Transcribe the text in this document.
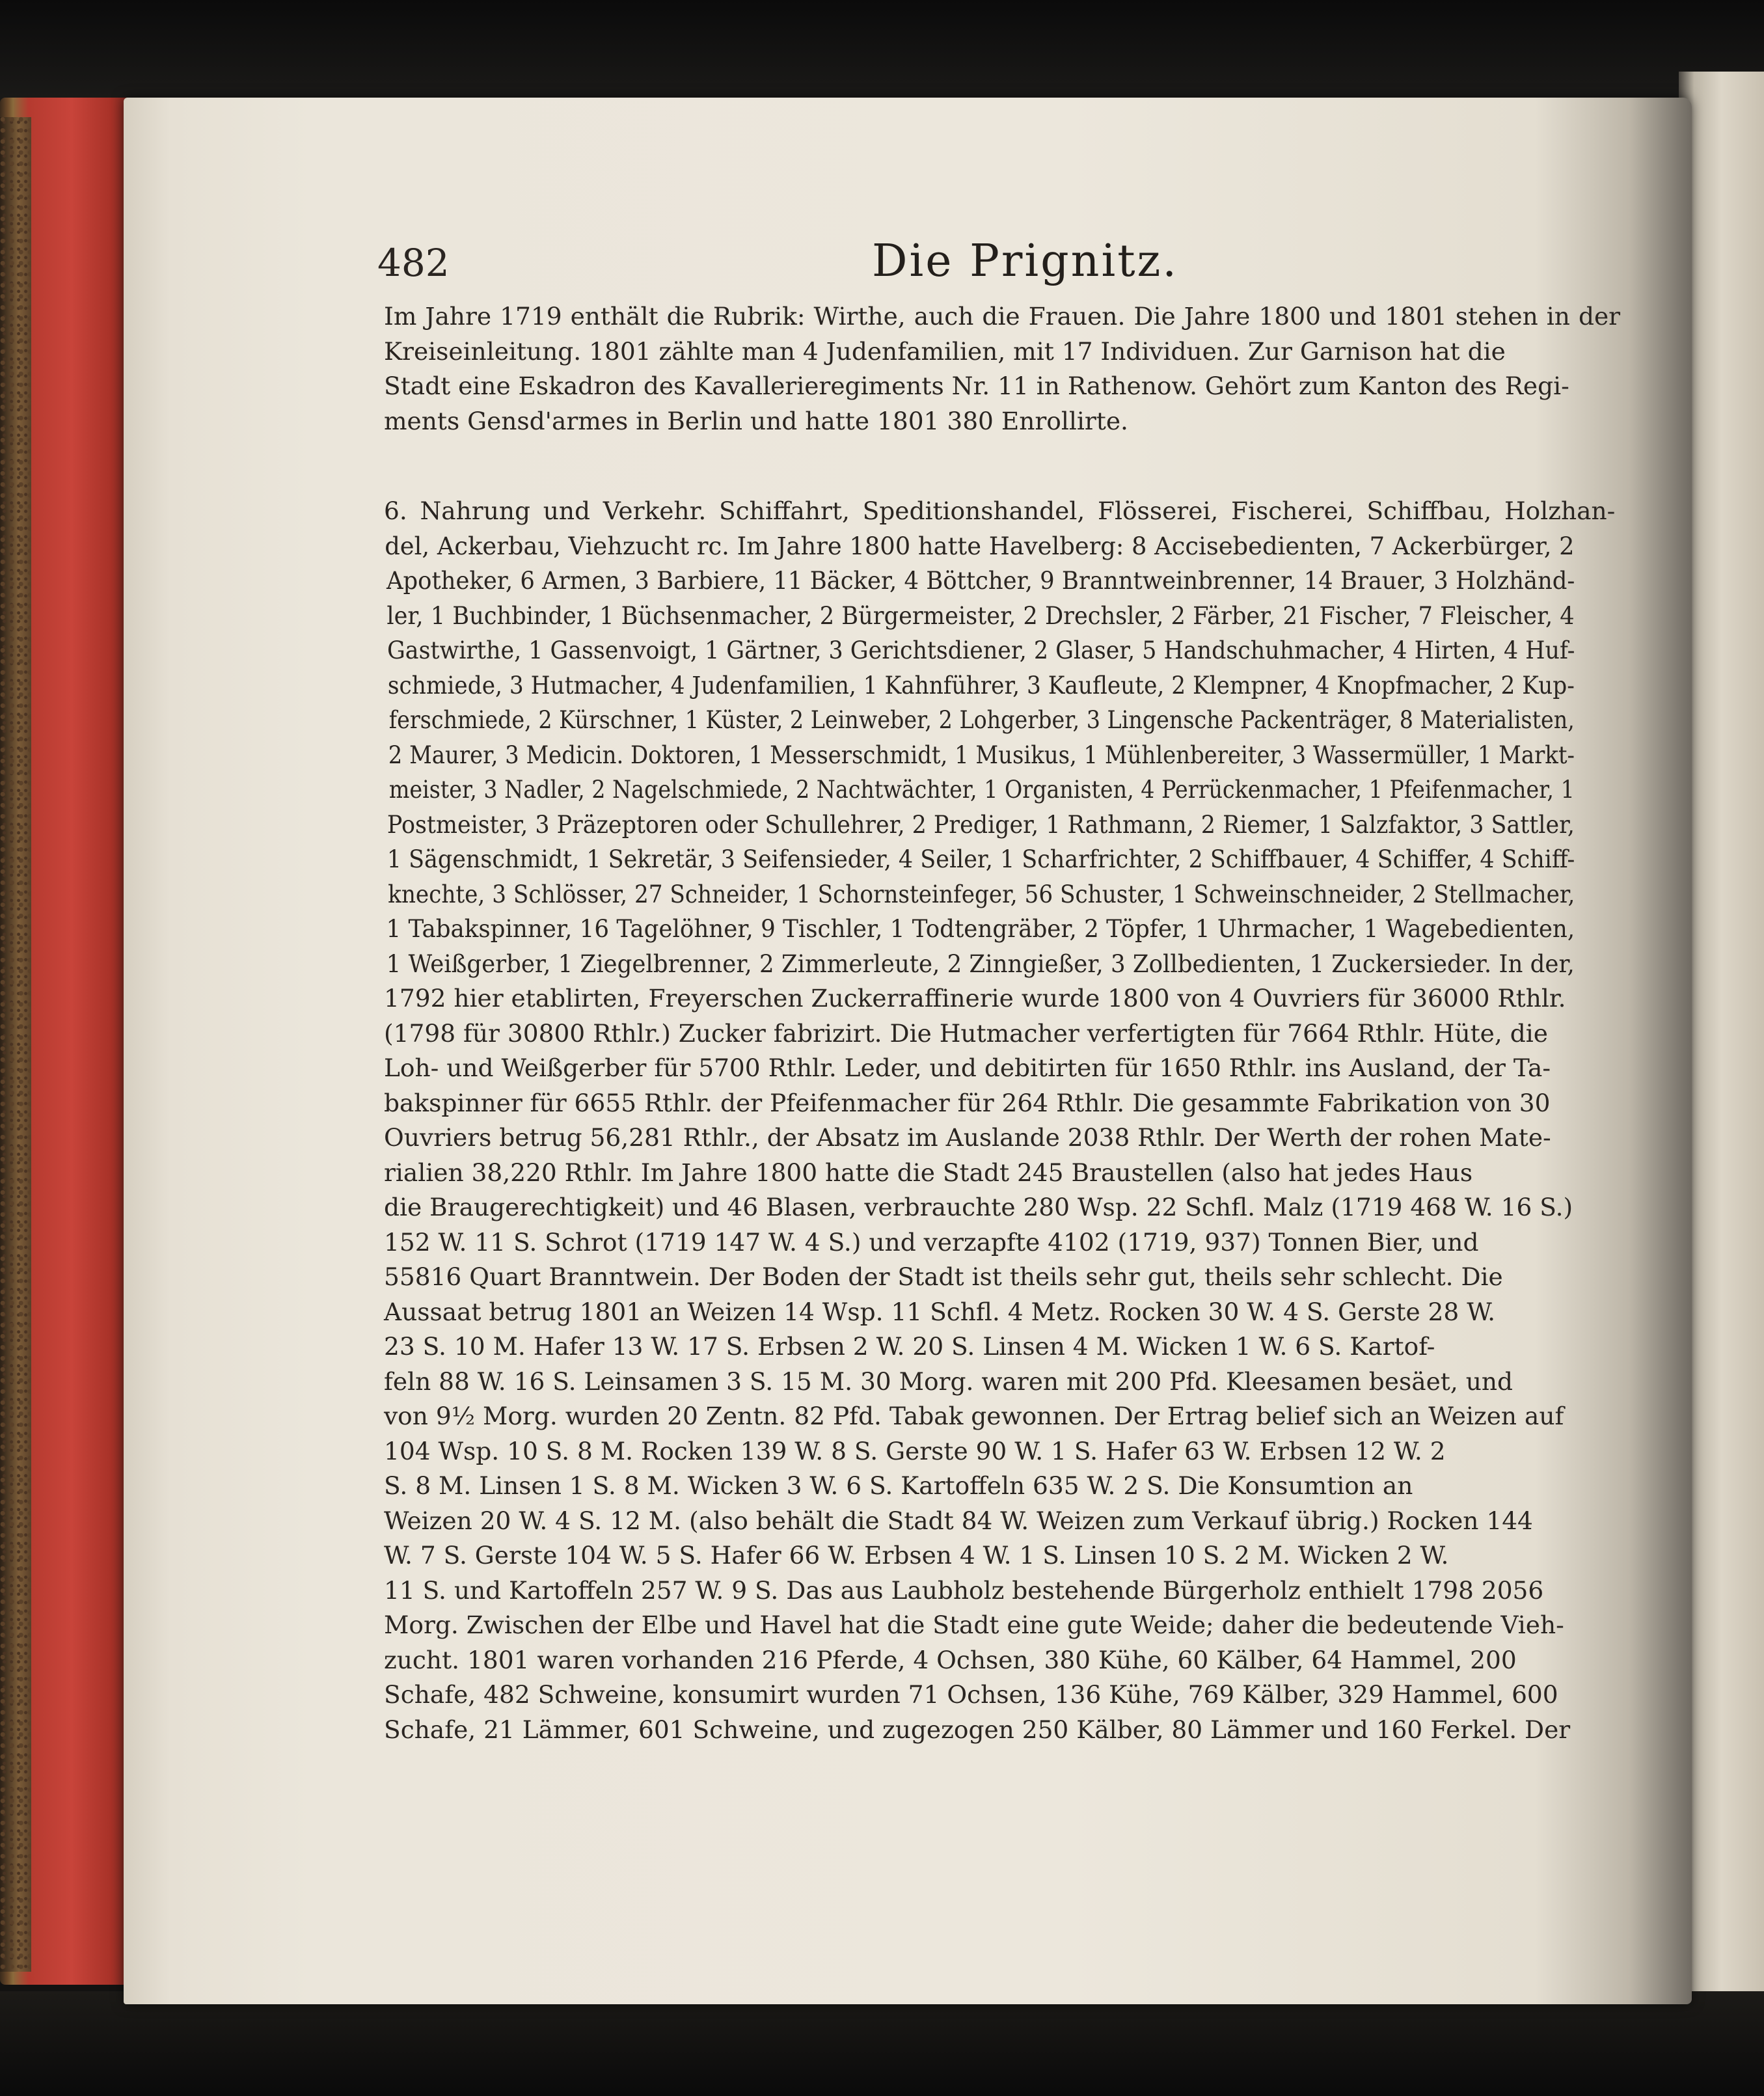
482	Die Prignitz.

Im Jahre 1719 enthält die Rubrik: Wirthe, auch die Frauen. Die Jahre 1800 und 1801 stehen in der
Kreiseinleitung. 1801 zählte man 4 Judenfamilien, mit 17 Individuen. Zur Garnison hat die
Stadt eine Eskadron des Kavallerieregiments Nr. 11 in Rathenow. Gehört zum Kanton des Regi-
ments Gensd'armes in Berlin und hatte 1801 380 Enrollirte.

6. Nahrung und Verkehr. Schiffahrt, Speditionshandel, Flösserei, Fischerei, Schiffbau, Holzhan-
del, Ackerbau, Viehzucht rc. Im Jahre 1800 hatte Havelberg: 8 Accisebedienten, 7 Ackerbürger, 2
Apotheker, 6 Armen, 3 Barbiere, 11 Bäcker, 4 Böttcher, 9 Branntweinbrenner, 14 Brauer, 3 Holzhänd-
ler, 1 Buchbinder, 1 Büchsenmacher, 2 Bürgermeister, 2 Drechsler, 2 Färber, 21 Fischer, 7 Fleischer, 4
Gastwirthe, 1 Gassenvoigt, 1 Gärtner, 3 Gerichtsdiener, 2 Glaser, 5 Handschuhmacher, 4 Hirten, 4 Huf-
schmiede, 3 Hutmacher, 4 Judenfamilien, 1 Kahnführer, 3 Kaufleute, 2 Klempner, 4 Knopfmacher, 2 Kup-
ferschmiede, 2 Kürschner, 1 Küster, 2 Leinweber, 2 Lohgerber, 3 Lingensche Packenträger, 8 Materialisten,
2 Maurer, 3 Medicin. Doktoren, 1 Messerschmidt, 1 Musikus, 1 Mühlenbereiter, 3 Wassermüller, 1 Markt-
meister, 3 Nadler, 2 Nagelschmiede, 2 Nachtwächter, 1 Organisten, 4 Perrückenmacher, 1 Pfeifenmacher, 1
Postmeister, 3 Präzeptoren oder Schullehrer, 2 Prediger, 1 Rathmann, 2 Riemer, 1 Salzfaktor, 3 Sattler,
1 Sägenschmidt, 1 Sekretär, 3 Seifensieder, 4 Seiler, 1 Scharfrichter, 2 Schiffbauer, 4 Schiffer, 4 Schiff-
knechte, 3 Schlösser, 27 Schneider, 1 Schornsteinfeger, 56 Schuster, 1 Schweinschneider, 2 Stellmacher,
1 Tabakspinner, 16 Tagelöhner, 9 Tischler, 1 Todtengräber, 2 Töpfer, 1 Uhrmacher, 1 Wagebedienten,
1 Weißgerber, 1 Ziegelbrenner, 2 Zimmerleute, 2 Zinngießer, 3 Zollbedienten, 1 Zuckersieder. In der,
1792 hier etablirten, Freyerschen Zuckerraffinerie wurde 1800 von 4 Ouvriers für 36000 Rthlr.
(1798 für 30800 Rthlr.) Zucker fabrizirt. Die Hutmacher verfertigten für 7664 Rthlr. Hüte, die
Loh- und Weißgerber für 5700 Rthlr. Leder, und debitirten für 1650 Rthlr. ins Ausland, der Ta-
bakspinner für 6655 Rthlr. der Pfeifenmacher für 264 Rthlr. Die gesammte Fabrikation von 30
Ouvriers betrug 56,281 Rthlr., der Absatz im Auslande 2038 Rthlr. Der Werth der rohen Mate-
rialien 38,220 Rthlr. Im Jahre 1800 hatte die Stadt 245 Braustellen (also hat jedes Haus
die Braugerechtigkeit) und 46 Blasen, verbrauchte 280 Wsp. 22 Schfl. Malz (1719 468 W. 16 S.)
152 W. 11 S. Schrot (1719 147 W. 4 S.) und verzapfte 4102 (1719, 937) Tonnen Bier, und
55816 Quart Branntwein. Der Boden der Stadt ist theils sehr gut, theils sehr schlecht. Die
Aussaat betrug 1801 an Weizen 14 Wsp. 11 Schfl. 4 Metz. Rocken 30 W. 4 S. Gerste 28 W.
23 S. 10 M. Hafer 13 W. 17 S. Erbsen 2 W. 20 S. Linsen 4 M. Wicken 1 W. 6 S. Kartof-
feln 88 W. 16 S. Leinsamen 3 S. 15 M. 30 Morg. waren mit 200 Pfd. Kleesamen besäet, und
von 9½ Morg. wurden 20 Zentn. 82 Pfd. Tabak gewonnen. Der Ertrag belief sich an Weizen auf
104 Wsp. 10 S. 8 M. Rocken 139 W. 8 S. Gerste 90 W. 1 S. Hafer 63 W. Erbsen 12 W. 2
S. 8 M. Linsen 1 S. 8 M. Wicken 3 W. 6 S. Kartoffeln 635 W. 2 S. Die Konsumtion an
Weizen 20 W. 4 S. 12 M. (also behält die Stadt 84 W. Weizen zum Verkauf übrig.) Rocken 144
W. 7 S. Gerste 104 W. 5 S. Hafer 66 W. Erbsen 4 W. 1 S. Linsen 10 S. 2 M. Wicken 2 W.
11 S. und Kartoffeln 257 W. 9 S. Das aus Laubholz bestehende Bürgerholz enthielt 1798 2056
Morg. Zwischen der Elbe und Havel hat die Stadt eine gute Weide; daher die bedeutende Vieh-
zucht. 1801 waren vorhanden 216 Pferde, 4 Ochsen, 380 Kühe, 60 Kälber, 64 Hammel, 200
Schafe, 482 Schweine, konsumirt wurden 71 Ochsen, 136 Kühe, 769 Kälber, 329 Hammel, 600
Schafe, 21 Lämmer, 601 Schweine, und zugezogen 250 Kälber, 80 Lämmer und 160 Ferkel. Der
